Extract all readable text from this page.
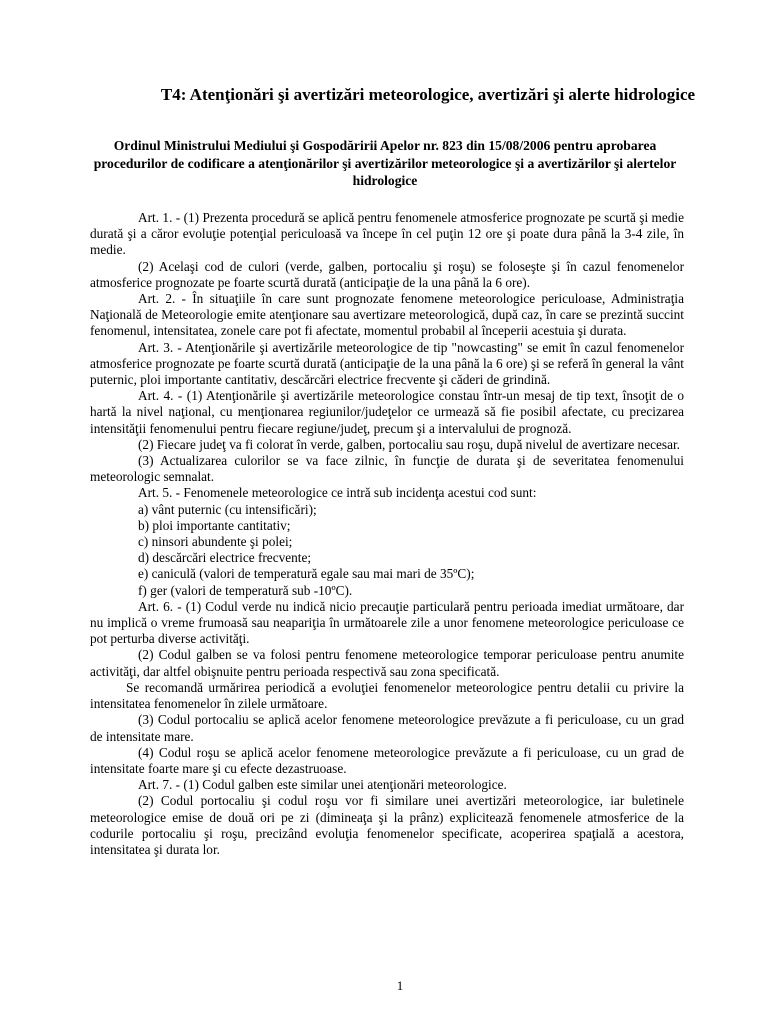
T4: Atenţionări şi avertizări meteorologice, avertizări şi alerte hidrologice
Ordinul Ministrului Mediului şi Gospodăririi Apelor nr. 823 din 15/08/2006 pentru aprobarea procedurilor de codificare a atenţionărilor şi avertizărilor meteorologice şi a avertizărilor şi alertelor hidrologice

Art. 1. - (1) Prezenta procedură se aplică pentru fenomenele atmosferice prognozate pe scurtă şi medie durată şi a căror evoluţie potenţial periculoasă va începe în cel puţin 12 ore şi poate dura până la 3-4 zile, în medie.

(2) Acelaşi cod de culori (verde, galben, portocaliu şi roşu) se foloseşte şi în cazul fenomenelor atmosferice prognozate pe foarte scurtă durată (anticipaţie de la una până la 6 ore).

Art. 2. - În situaţiile în care sunt prognozate fenomene meteorologice periculoase, Administraţia Naţională de Meteorologie emite atenţionare sau avertizare meteorologică, după caz, în care se prezintă succint fenomenul, intensitatea, zonele care pot fi afectate, momentul probabil al începerii acestuia şi durata.

Art. 3. - Atenţionările şi avertizările meteorologice de tip "nowcasting" se emit în cazul fenomenelor atmosferice prognozate pe foarte scurtă durată (anticipaţie de la una până la 6 ore) şi se referă în general la vânt puternic, ploi importante cantitativ, descărcări electrice frecvente şi căderi de grindină.

Art. 4. - (1) Atenţionările şi avertizările meteorologice constau într-un mesaj de tip text, însoţit de o hartă la nivel naţional, cu menţionarea regiunilor/judeţelor ce urmează să fie posibil afectate, cu precizarea intensităţii fenomenului pentru fiecare regiune/judeţ, precum şi a intervalului de prognoză.

(2) Fiecare judeţ va fi colorat în verde, galben, portocaliu sau roşu, după nivelul de avertizare necesar.

(3) Actualizarea culorilor se va face zilnic, în funcţie de durata şi de severitatea fenomenului meteorologic semnalat.

Art. 5. - Fenomenele meteorologice ce intră sub incidenţa acestui cod sunt:

a) vânt puternic (cu intensificări);

b) ploi importante cantitativ;

c) ninsori abundente şi polei;

d) descărcări electrice frecvente;

e) caniculă (valori de temperatură egale sau mai mari de 35ºC);

f) ger (valori de temperatură sub -10ºC).

Art. 6. - (1) Codul verde nu indică nicio precauţie particulară pentru perioada imediat următoare, dar nu implică o vreme frumoasă sau neapariţia în următoarele zile a unor fenomene meteorologice periculoase ce pot perturba diverse activităţi.

(2) Codul galben se va folosi pentru fenomene meteorologice temporar periculoase pentru anumite activităţi, dar altfel obişnuite pentru perioada respectivă sau zona specificată.

Se recomandă urmărirea periodică a evoluţiei fenomenelor meteorologice pentru detalii cu privire la intensitatea fenomenelor în zilele următoare.

(3) Codul portocaliu se aplică acelor fenomene meteorologice prevăzute a fi periculoase, cu un grad de intensitate mare.

(4) Codul roşu se aplică acelor fenomene meteorologice prevăzute a fi periculoase, cu un grad de intensitate foarte mare şi cu efecte dezastruoase.

Art. 7. - (1) Codul galben este similar unei atenţionări meteorologice.

(2) Codul portocaliu şi codul roşu vor fi similare unei avertizări meteorologice, iar buletinele meteorologice emise de două ori pe zi (dimineaţa şi la prânz) explicitează fenomenele atmosferice de la codurile portocaliu şi roşu, precizând evoluţia fenomenelor specificate, acoperirea spaţială a acestora, intensitatea şi durata lor.

1
